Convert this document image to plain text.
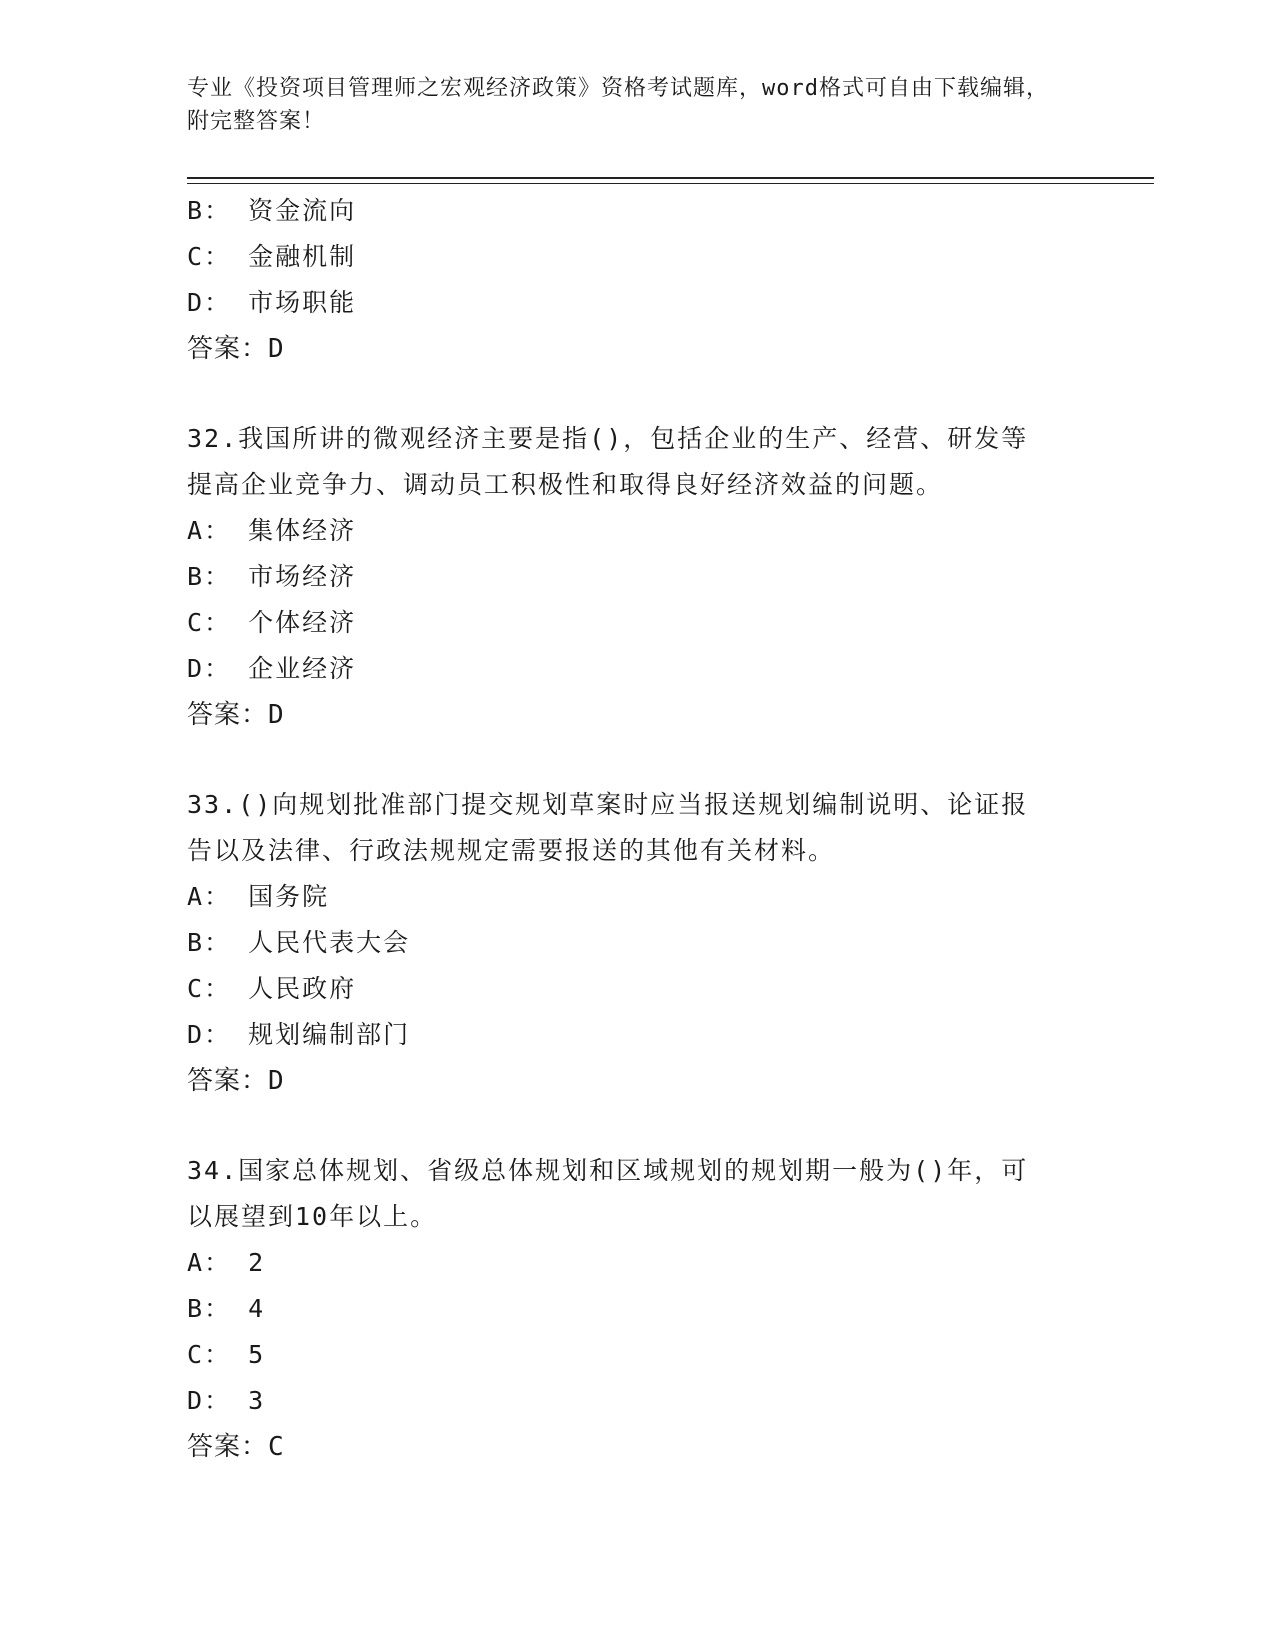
专业《投资项目管理师之宏观经济政策》资格考试题库，word格式可自由下载编辑，附完整答案！
B： 资金流向
C： 金融机制
D： 市场职能
答案：D
32.我国所讲的微观经济主要是指()，包括企业的生产、经营、研发等
提高企业竞争力、调动员工积极性和取得良好经济效益的问题。
A： 集体经济
B： 市场经济
C： 个体经济
D： 企业经济
答案：D
33.()向规划批准部门提交规划草案时应当报送规划编制说明、论证报
告以及法律、行政法规规定需要报送的其他有关材料。
A： 国务院
B： 人民代表大会
C： 人民政府
D： 规划编制部门
答案：D
34.国家总体规划、省级总体规划和区域规划的规划期一般为()年，可
以展望到10年以上。
A： 2
B： 4
C： 5
D： 3
答案：C
